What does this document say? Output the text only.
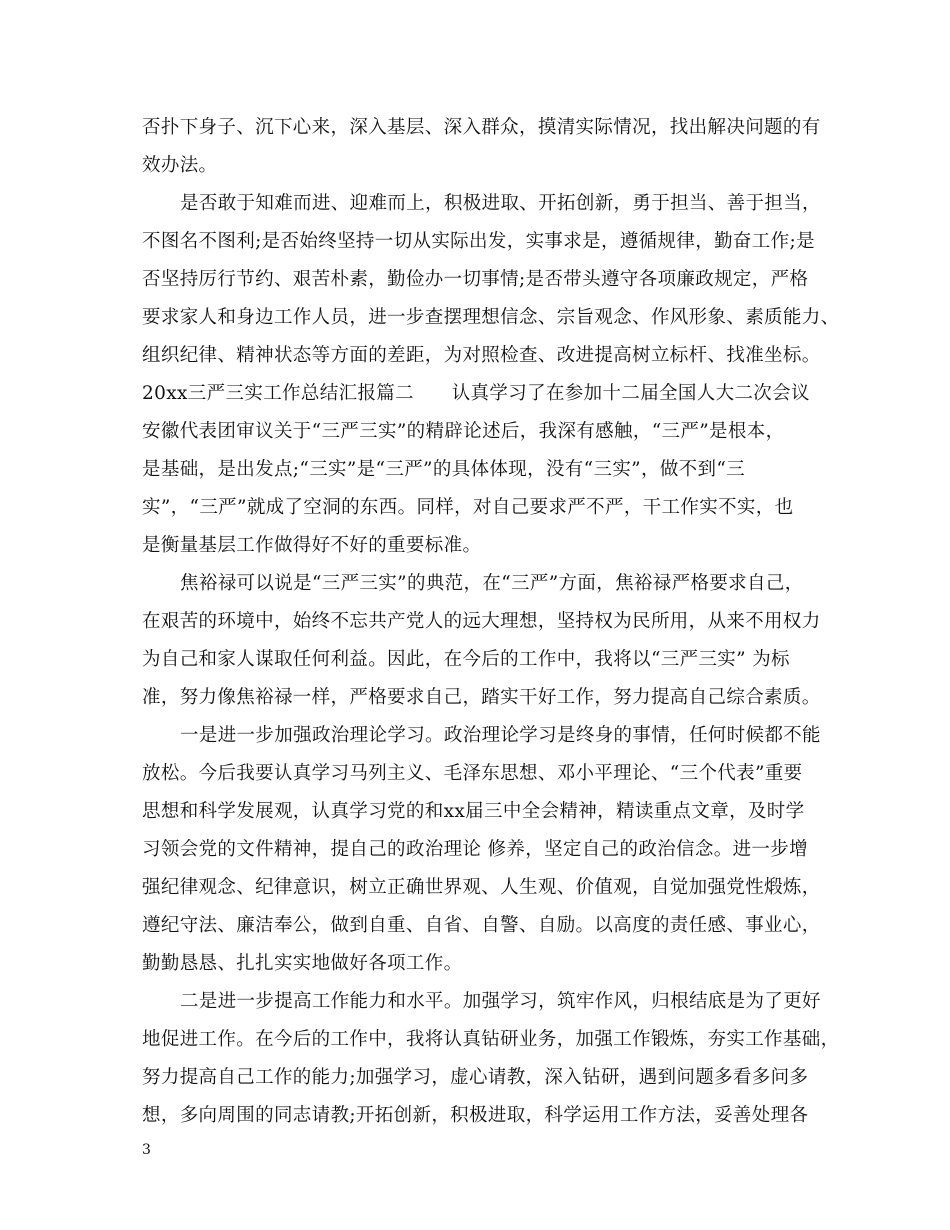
否扑下身子、沉下心来，深入基层、深入群众，摸清实际情况，找出解决问题的有
效办法。
是否敢于知难而进、迎难而上，积极进取、开拓创新，勇于担当、善于担当，
不图名不图利;是否始终坚持一切从实际出发，实事求是，遵循规律，勤奋工作;是
否坚持厉行节约、艰苦朴素，勤俭办一切事情;是否带头遵守各项廉政规定，严格
要求家人和身边工作人员，进一步查摆理想信念、宗旨观念、作风形象、素质能力、
组织纪律、精神状态等方面的差距，为对照检查、改进提高树立标杆、找准坐标。
20xx三严三实工作总结汇报篇二　　认真学习了在参加十二届全国人大二次会议
安徽代表团审议关于“三严三实”的精辟论述后，我深有感触，“三严”是根本，
是基础，是出发点;“三实”是“三严”的具体体现，没有“三实”，做不到“三
实”，“三严”就成了空洞的东西。同样，对自己要求严不严，干工作实不实，也
是衡量基层工作做得好不好的重要标准。
焦裕禄可以说是“三严三实”的典范，在“三严”方面，焦裕禄严格要求自己，
在艰苦的环境中，始终不忘共产党人的远大理想，坚持权为民所用，从来不用权力
为自己和家人谋取任何利益。因此，在今后的工作中，我将以“三严三实” 为标
准，努力像焦裕禄一样，严格要求自己，踏实干好工作，努力提高自己综合素质。
一是进一步加强政治理论学习。政治理论学习是终身的事情，任何时候都不能
放松。今后我要认真学习马列主义、毛泽东思想、邓小平理论、“三个代表”重要
思想和科学发展观，认真学习党的和xx届三中全会精神，精读重点文章，及时学
习领会党的文件精神，提自己的政治理论 修养，坚定自己的政治信念。进一步增
强纪律观念、纪律意识，树立正确世界观、人生观、价值观，自觉加强党性煅炼，
遵纪守法、廉洁奉公，做到自重、自省、自警、自励。以高度的责任感、事业心，
勤勤恳恳、扎扎实实地做好各项工作。
二是进一步提高工作能力和水平。加强学习，筑牢作风，归根结底是为了更好
地促进工作。在今后的工作中，我将认真钻研业务，加强工作锻炼，夯实工作基础，
努力提高自己工作的能力;加强学习，虚心请教，深入钻研，遇到问题多看多问多
想，多向周围的同志请教;开拓创新，积极进取，科学运用工作方法，妥善处理各
3
